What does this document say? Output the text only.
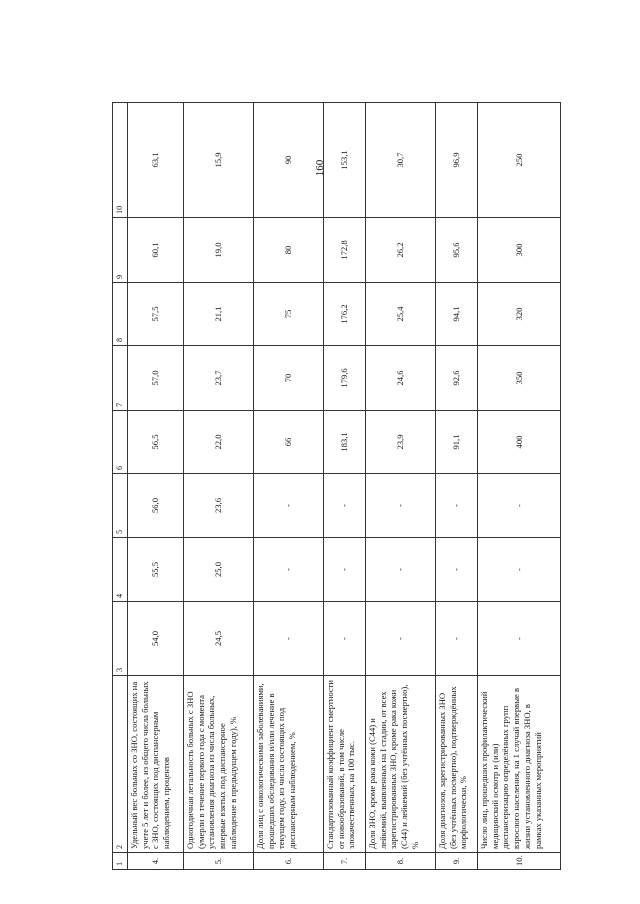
160
1	2	3	4	5	6	7	8	9	10
4.	Удельный вес больных со ЗНО, состоящих на учете 5 лет и более, из общего числа больных с ЗНО, состоящих под диспансерным наблюдением, процентов	54,0	55,5	56,0	56,5	57,0	57,5	60,1	63,1
5.	Одногодичная летальность больных с ЗНО (умерли в течение первого года с момента установления диагноза из числа больных, впервые взятых под диспансерное наблюдение в предыдущем году), %	24,5	25,0	23,6	22,0	23,7	21,1	19,0	15,9
6.	Доля лиц с онкологическими заболеваниями, прошедших обследования и/или лечение в текущем году, из числа состоящих под диспансерным наблюдением, %	-	-	-	66	70	75	80	90
7.	Стандартизованный коэффициент смертности от новообразований, в том числе злокачественных, на 100 тыс.	-	-	-	183,1	179,6	176,2	172,8	153,1
8.	Доля ЗНО, кроме рака кожи (С44) и лейкемий, выявленных на I стадии, от всех зарегистрированных ЗНО, кроме рака кожи (С44) и лейкемий (без учтённых посмертно), %	-	-	-	23,9	24,6	25,4	26,2	30,7
9.	Доля диагнозов, зарегистрированных ЗНО (без учтённых посмертно), подтверждённых морфологически, %	-	-	-	91,1	92,6	94,1	95,6	96,9
10.	Число лиц, прошедших профилактический медицинский осмотр и (или) диспансеризацию определённых групп взрослого населения, на 1 случай впервые в жизни установленного диагноза ЗНО, в рамках указанных мероприятий	-	-	-	400	350	320	300	250
